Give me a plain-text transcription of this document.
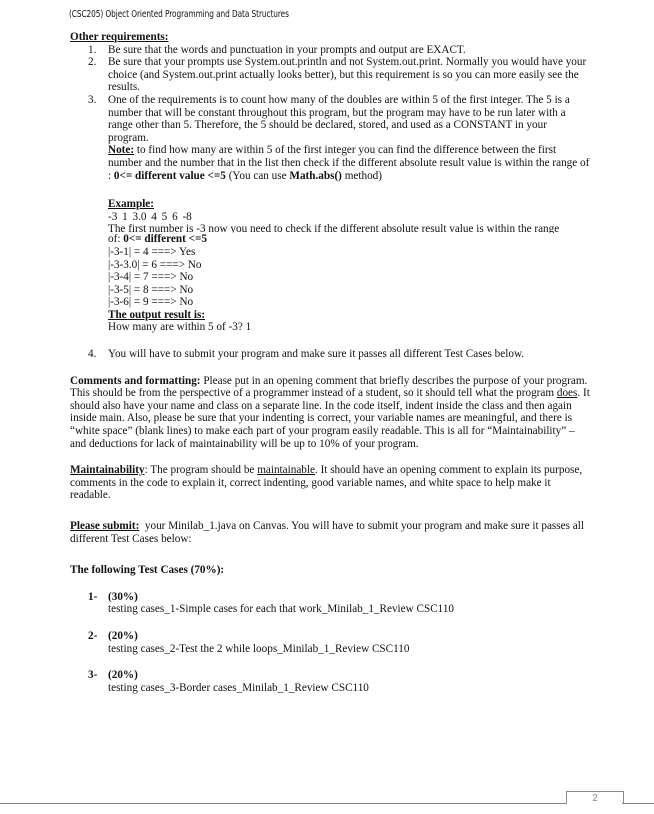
(CSC205) Object Oriented Programming and Data Structures
Other requirements:
1. Be sure that the words and punctuation in your prompts and output are EXACT.
2. Be sure that your prompts use System.out.println and not System.out.print. Normally you would have your choice (and System.out.print actually looks better), but this requirement is so you can more easily see the results.
3. One of the requirements is to count how many of the doubles are within 5 of the first integer. The 5 is a number that will be constant throughout this program, but the program may have to be run later with a range other than 5. Therefore, the 5 should be declared, stored, and used as a CONSTANT in your program.
Note: to find how many are within 5 of the first integer you can find the difference between the first number and the number that in the list then check if the different absolute result value is within the range of : 0<= different value <=5 (You can use Math.abs() method)
Example:
-3 1 3.0 4 5 6 -8
The first number is -3 now you need to check if the different absolute result value is within the range
of: 0<= different <=5
|-3-1| = 4 ===> Yes
|-3-3.0| = 6 ===> No
|-3-4| = 7 ===> No
|-3-5| = 8 ===> No
|-3-6| = 9 ===> No
The output result is:
How many are within 5 of -3? 1
4. You will have to submit your program and make sure it passes all different Test Cases below.
Comments and formatting: Please put in an opening comment that briefly describes the purpose of your program. This should be from the perspective of a programmer instead of a student, so it should tell what the program does. It should also have your name and class on a separate line. In the code itself, indent inside the class and then again inside main. Also, please be sure that your indenting is correct, your variable names are meaningful, and there is “white space” (blank lines) to make each part of your program easily readable. This is all for “Maintainability” – and deductions for lack of maintainability will be up to 10% of your program.
Maintainability: The program should be maintainable. It should have an opening comment to explain its purpose, comments in the code to explain it, correct indenting, good variable names, and white space to help make it readable.
Please submit:  your Minilab_1.java on Canvas. You will have to submit your program and make sure it passes all different Test Cases below:
The following Test Cases (70%):
1- (30%)
testing cases_1-Simple cases for each that work_Minilab_1_Review CSC110
2- (20%)
testing cases_2-Test the 2 while loops_Minilab_1_Review CSC110
3- (20%)
testing cases_3-Border cases_Minilab_1_Review CSC110
2
